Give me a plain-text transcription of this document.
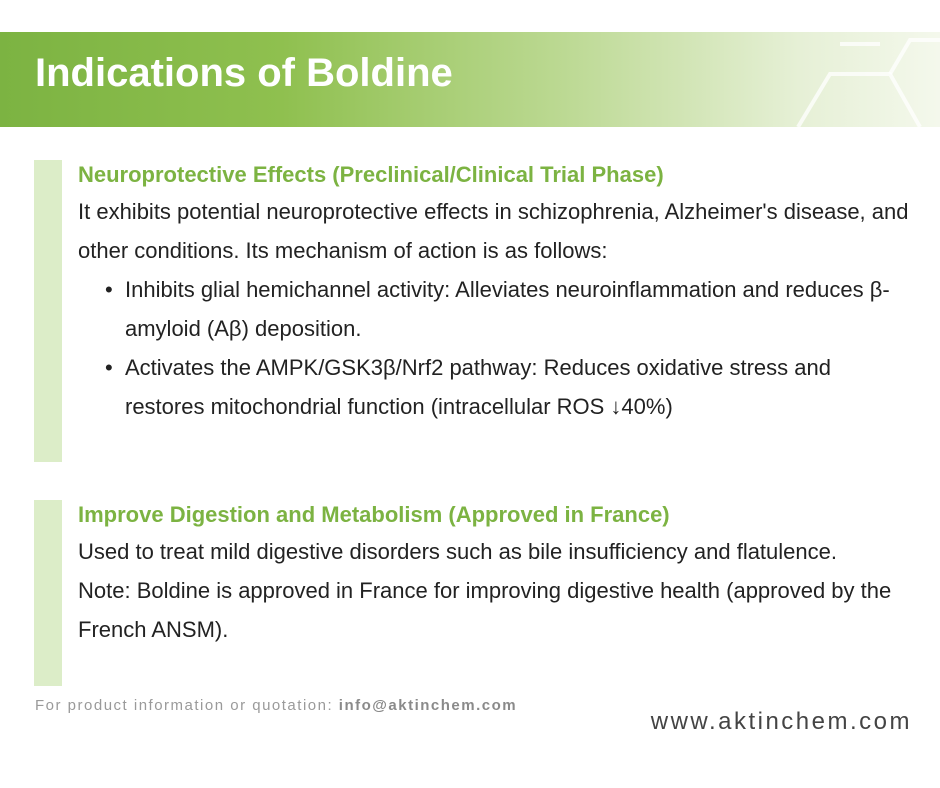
Indications of Boldine
Neuroprotective Effects (Preclinical/Clinical Trial Phase)

It exhibits potential neuroprotective effects in schizophrenia, Alzheimer's disease, and other conditions. Its mechanism of action is as follows:

• Inhibits glial hemichannel activity: Alleviates neuroinflammation and reduces β-amyloid (Aβ) deposition.
• Activates the AMPK/GSK3β/Nrf2 pathway: Reduces oxidative stress and restores mitochondrial function (intracellular ROS ↓40%)
Improve Digestion and Metabolism (Approved in France)

Used to treat mild digestive disorders such as bile insufficiency and flatulence.

Note: Boldine is approved in France for improving digestive health (approved by the French ANSM).

For product information or quotation: info@aktinchem.com
www.aktinchem.com
